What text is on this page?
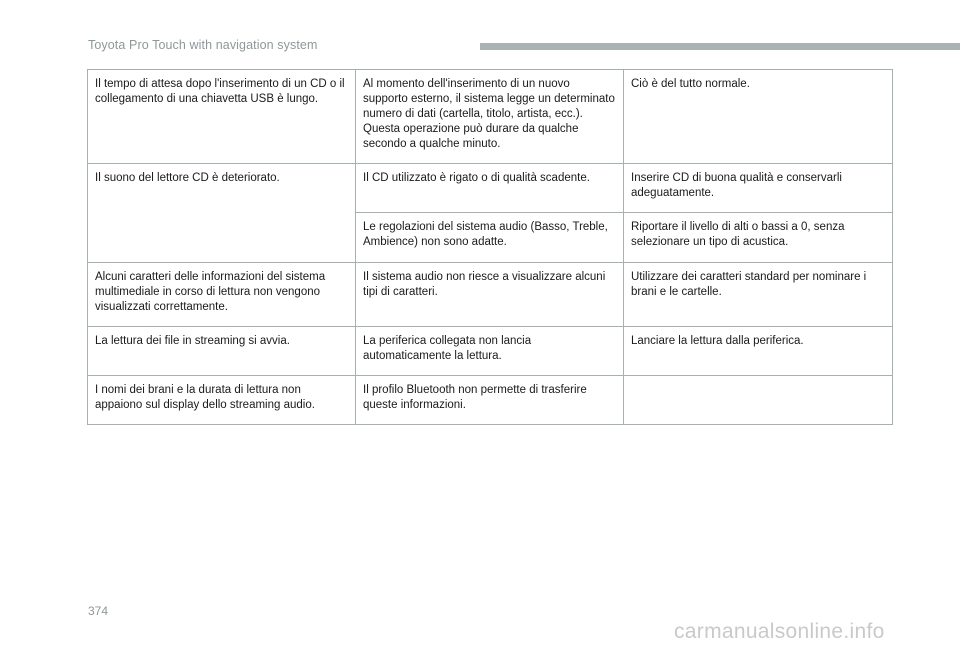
Toyota Pro Touch with navigation system
Il tempo di attesa dopo l'inserimento di un CD o il collegamento di una chiavetta USB è lungo.	Al momento dell'inserimento di un nuovo supporto esterno, il sistema legge un determinato numero di dati (cartella, titolo, artista, ecc.). Questa operazione può durare da qualche secondo a qualche minuto.	Ciò è del tutto normale.
Il suono del lettore CD è deteriorato.	Il CD utilizzato è rigato o di qualità scadente.	Inserire CD di buona qualità e conservarli adeguatamente.
	Le regolazioni del sistema audio (Basso, Treble, Ambience) non sono adatte.	Riportare il livello di alti o bassi a 0, senza selezionare un tipo di acustica.
Alcuni caratteri delle informazioni del sistema multimediale in corso di lettura non vengono visualizzati correttamente.	Il sistema audio non riesce a visualizzare alcuni tipi di caratteri.	Utilizzare dei caratteri standard per nominare i brani e le cartelle.
La lettura dei file in streaming si avvia.	La periferica collegata non lancia automaticamente la lettura.	Lanciare la lettura dalla periferica.
I nomi dei brani e la durata di lettura non appaiono sul display dello streaming audio.	Il profilo Bluetooth non permette di trasferire queste informazioni.	
374
carmanualsonline.info
